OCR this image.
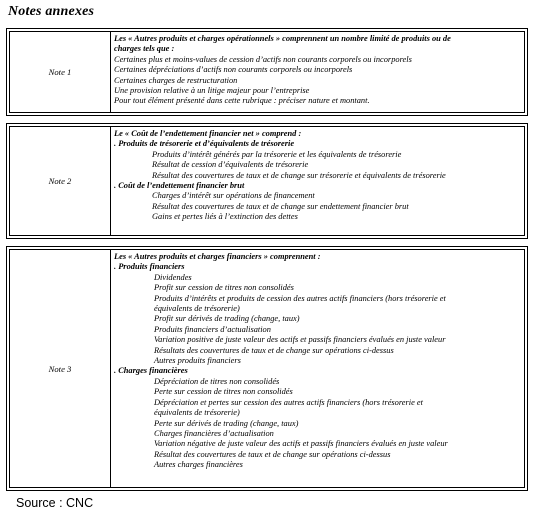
Notes annexes
Note 1
Les « Autres produits et charges opérationnels » comprennent un nombre limité de produits ou de
charges tels que :
Certaines plus et moins-values de cession d’actifs non courants corporels ou incorporels
Certaines dépréciations d’actifs non courants corporels ou incorporels
Certaines charges de restructuration
Une provision relative à un litige majeur pour l’entreprise
Pour tout élément présenté dans cette rubrique : préciser nature et montant.
Note 2
Le « Coût de l’endettement financier net » comprend :
. Produits de trésorerie et d’équivalents de trésorerie
Produits d’intérêt générés par la trésorerie et les équivalents de trésorerie
Résultat de cession d’équivalents de trésorerie
Résultat des couvertures de taux et de change sur trésorerie et équivalents de trésorerie
. Coût de l’endettement financier brut
Charges d’intérêt sur opérations de financement
Résultat des couvertures de taux et de change sur endettement financier brut
Gains et pertes liés à l’extinction des dettes
Note 3
Les « Autres produits et charges financiers » comprennent :
. Produits financiers
Dividendes
Profit sur cession de titres non consolidés
Produits d’intérêts et produits de cession des autres actifs financiers (hors trésorerie et
équivalents de trésorerie)
Profit sur dérivés de trading (change, taux)
Produits financiers d’actualisation
Variation positive de juste valeur des actifs et passifs financiers évalués en juste valeur
Résultats des couvertures de taux et de change sur opérations ci-dessus
Autres produits financiers
. Charges financières
Dépréciation de titres non consolidés
Perte sur cession de titres non consolidés
Dépréciation et pertes sur cession des autres actifs financiers (hors trésorerie et
équivalents de trésorerie)
Perte sur dérivés de trading (change, taux)
Charges financières d’actualisation
Variation négative de juste valeur des actifs et passifs financiers évalués en juste valeur
Résultat des couvertures de taux et de change sur opérations ci-dessus
Autres charges financières
Source : CNC
